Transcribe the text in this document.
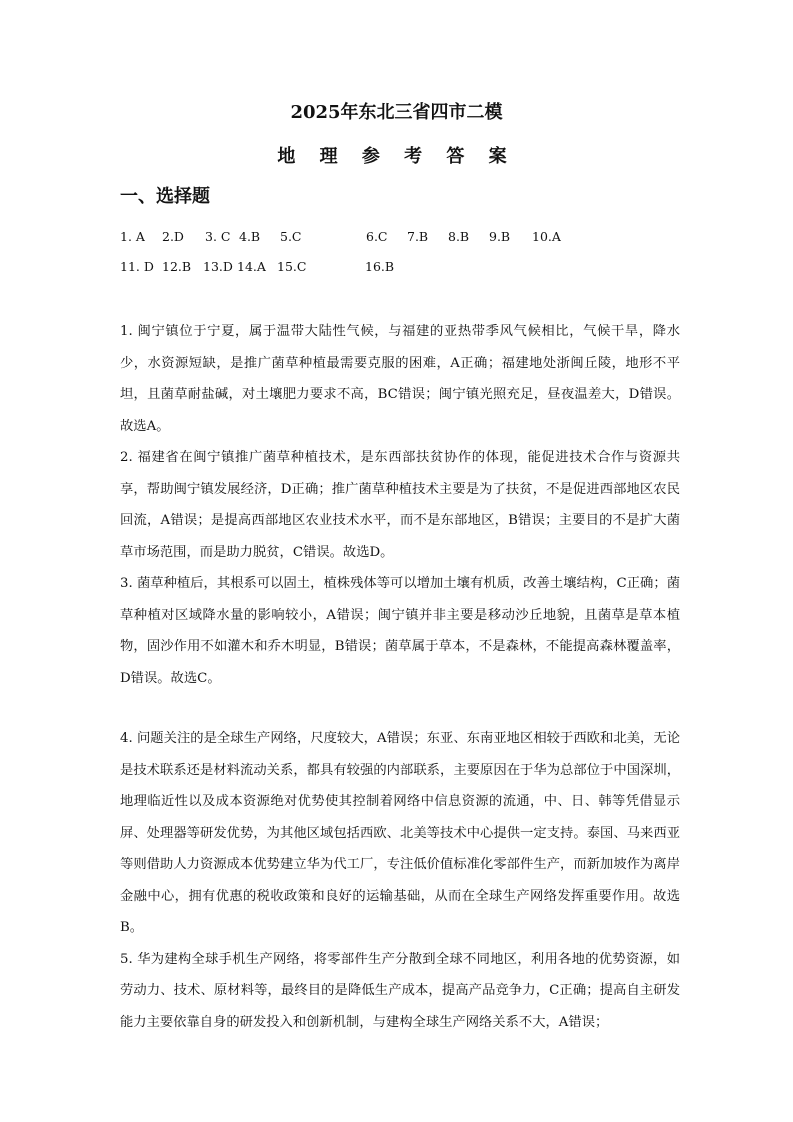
2025年东北三省四市二模
地 理 参 考 答 案
一、选择题
1. A 2.D 3. C 4.B 5.C	6.C 7.B 8.B 9.B 10.A
11. D 12.B 13.D 14.A 15.C	16.B

1. 闽宁镇位于宁夏，属于温带大陆性气候，与福建的亚热带季风气候相比，气候干旱，降水少，水资源短缺，是推广菌草种植最需要克服的困难，A正确；福建地处浙闽丘陵，地形不平坦，且菌草耐盐碱，对土壤肥力要求不高，BC错误；闽宁镇光照充足，昼夜温差大，D错误。故选A。

2. 福建省在闽宁镇推广菌草种植技术，是东西部扶贫协作的体现，能促进技术合作与资源共享，帮助闽宁镇发展经济，D正确；推广菌草种植技术主要是为了扶贫，不是促进西部地区农民回流，A错误；是提高西部地区农业技术水平，而不是东部地区，B错误；主要目的不是扩大菌草市场范围，而是助力脱贫，C错误。故选D。

3. 菌草种植后，其根系可以固土，植株残体等可以增加土壤有机质，改善土壤结构，C正确；菌草种植对区域降水量的影响较小，A错误；闽宁镇并非主要是移动沙丘地貌，且菌草是草本植物，固沙作用不如灌木和乔木明显，B错误；菌草属于草本，不是森林，不能提高森林覆盖率，D错误。故选C。

4. 问题关注的是全球生产网络，尺度较大，A错误；东亚、东南亚地区相较于西欧和北美，无论是技术联系还是材料流动关系，都具有较强的内部联系，主要原因在于华为总部位于中国深圳，地理临近性以及成本资源绝对优势使其控制着网络中信息资源的流通，中、日、韩等凭借显示屏、处理器等研发优势，为其他区域包括西欧、北美等技术中心提供一定支持。泰国、马来西亚等则借助人力资源成本优势建立华为代工厂，专注低价值标准化零部件生产，而新加坡作为离岸金融中心，拥有优惠的税收政策和良好的运输基础，从而在全球生产网络发挥重要作用。故选B。

5. 华为建构全球手机生产网络，将零部件生产分散到全球不同地区，利用各地的优势资源，如劳动力、技术、原材料等，最终目的是降低生产成本，提高产品竞争力，C正确；提高自主研发能力主要依靠自身的研发投入和创新机制，与建构全球生产网络关系不大，A错误；
